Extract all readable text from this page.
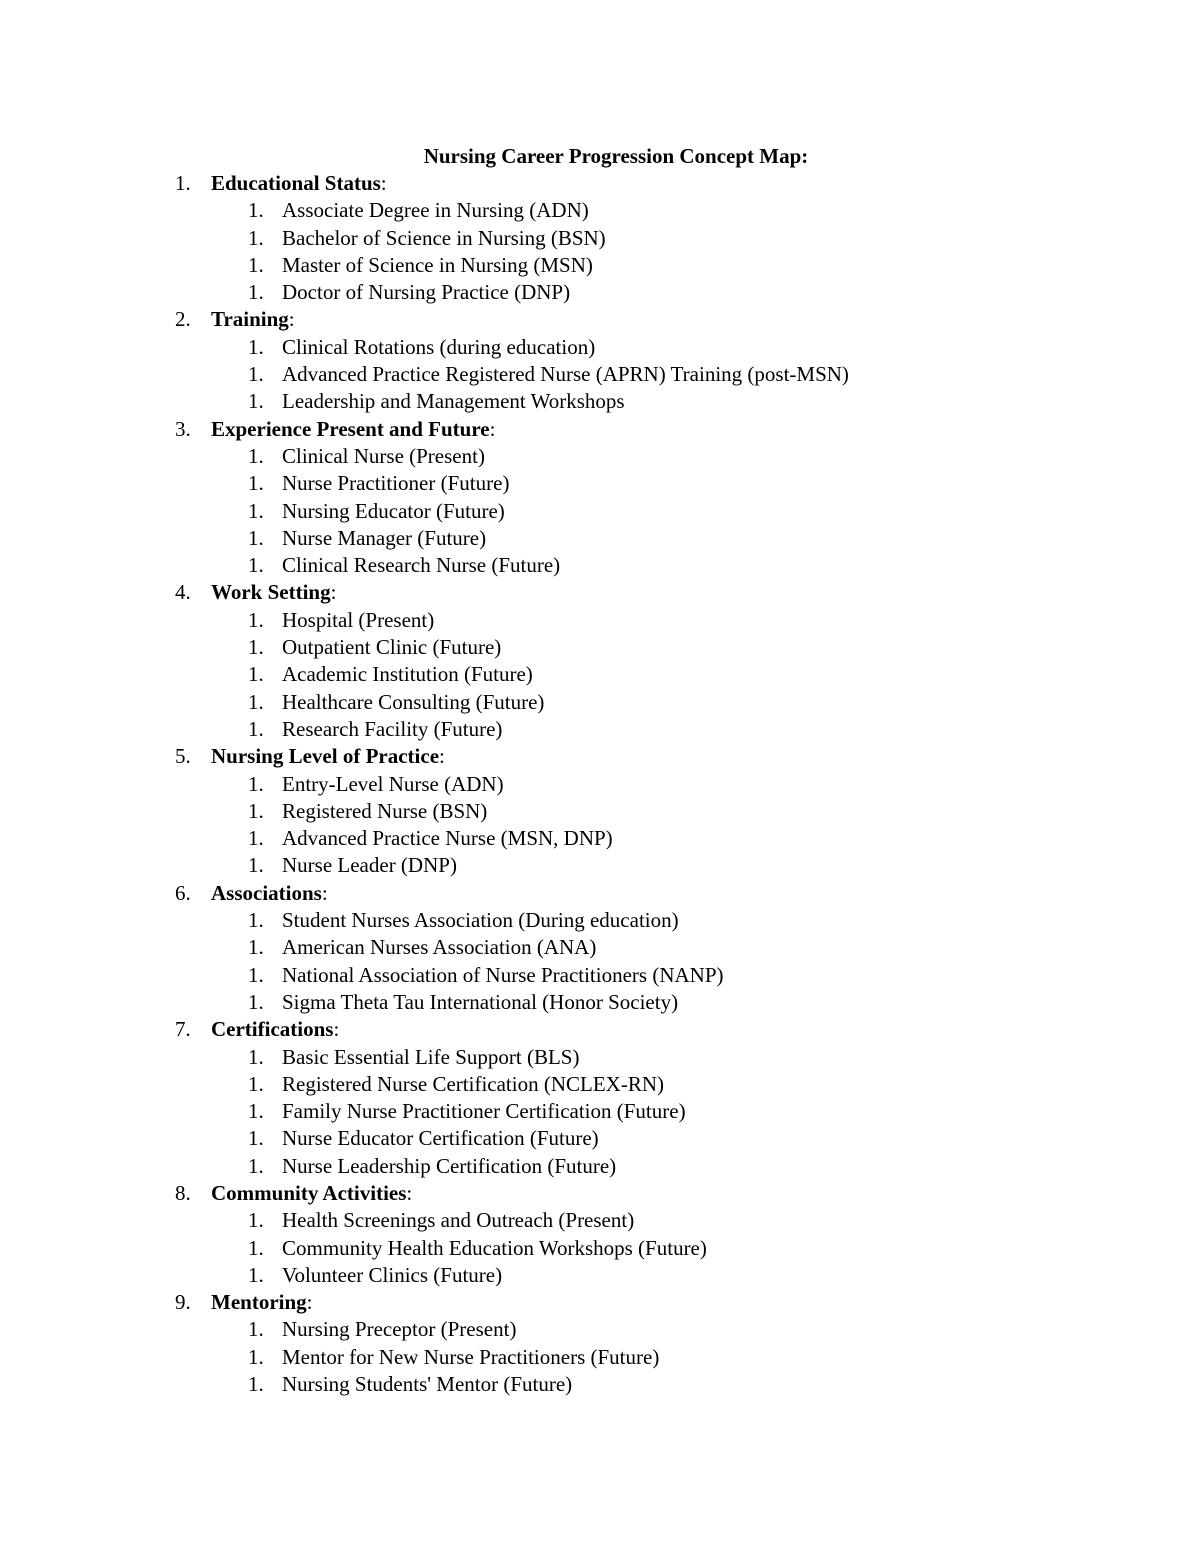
Nursing Career Progression Concept Map:
1. Educational Status:
1. Associate Degree in Nursing (ADN)
1. Bachelor of Science in Nursing (BSN)
1. Master of Science in Nursing (MSN)
1. Doctor of Nursing Practice (DNP)
2. Training:
1. Clinical Rotations (during education)
1. Advanced Practice Registered Nurse (APRN) Training (post-MSN)
1. Leadership and Management Workshops
3. Experience Present and Future:
1. Clinical Nurse (Present)
1. Nurse Practitioner (Future)
1. Nursing Educator (Future)
1. Nurse Manager (Future)
1. Clinical Research Nurse (Future)
4. Work Setting:
1. Hospital (Present)
1. Outpatient Clinic (Future)
1. Academic Institution (Future)
1. Healthcare Consulting (Future)
1. Research Facility (Future)
5. Nursing Level of Practice:
1. Entry-Level Nurse (ADN)
1. Registered Nurse (BSN)
1. Advanced Practice Nurse (MSN, DNP)
1. Nurse Leader (DNP)
6. Associations:
1. Student Nurses Association (During education)
1. American Nurses Association (ANA)
1. National Association of Nurse Practitioners (NANP)
1. Sigma Theta Tau International (Honor Society)
7. Certifications:
1. Basic Essential Life Support (BLS)
1. Registered Nurse Certification (NCLEX-RN)
1. Family Nurse Practitioner Certification (Future)
1. Nurse Educator Certification (Future)
1. Nurse Leadership Certification (Future)
8. Community Activities:
1. Health Screenings and Outreach (Present)
1. Community Health Education Workshops (Future)
1. Volunteer Clinics (Future)
9. Mentoring:
1. Nursing Preceptor (Present)
1. Mentor for New Nurse Practitioners (Future)
1. Nursing Students' Mentor (Future)
